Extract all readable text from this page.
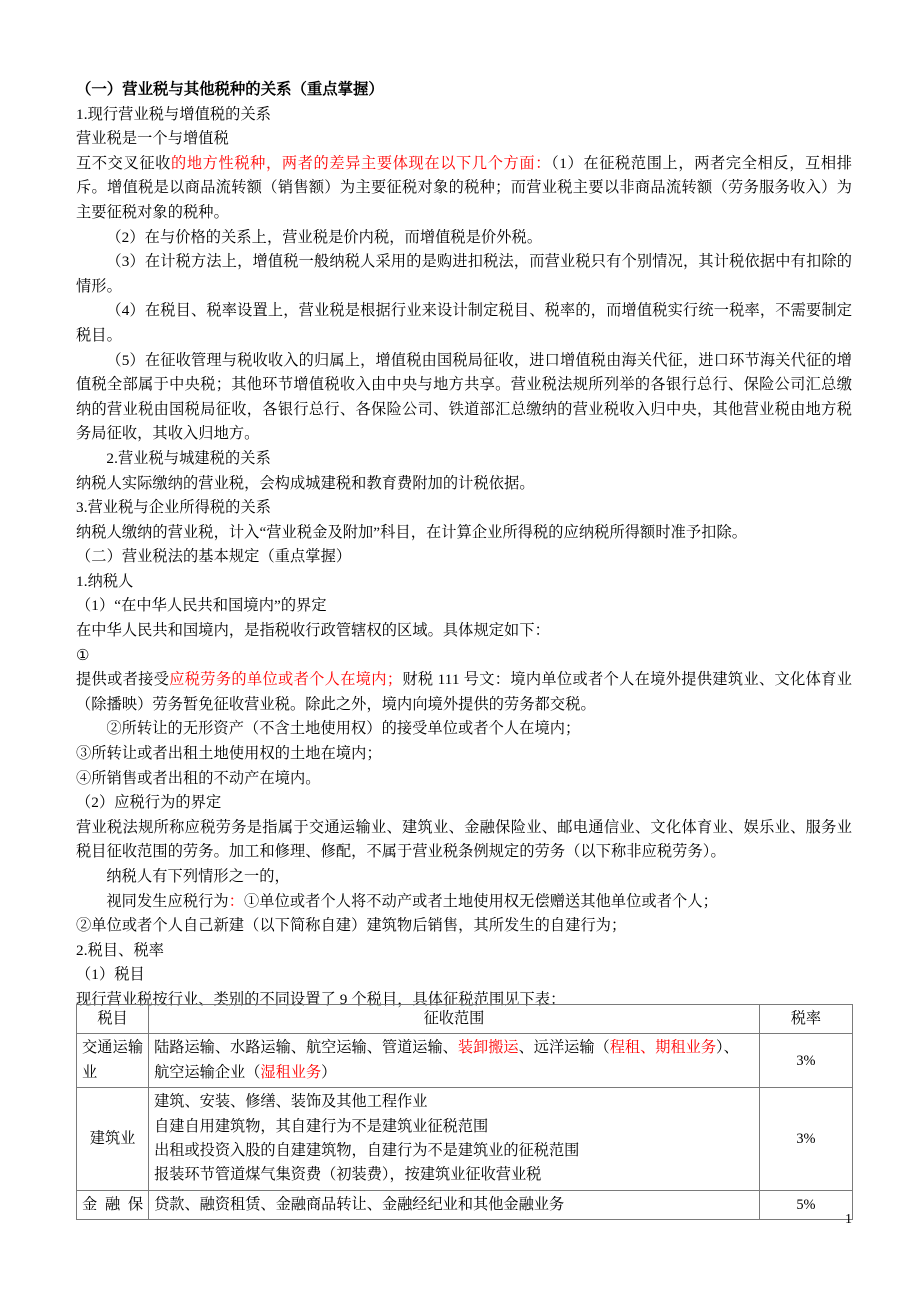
（一）营业税与其他税种的关系（重点掌握）

1.现行营业税与增值税的关系

营业税是一个与增值税

互不交叉征收的地方性税种，两者的差异主要体现在以下几个方面：（1）在征税范围上，两者完全相反，互相排斥。增值税是以商品流转额（销售额）为主要征税对象的税种；而营业税主要以非商品流转额（劳务服务收入）为主要征税对象的税种。

（2）在与价格的关系上，营业税是价内税，而增值税是价外税。

（3）在计税方法上，增值税一般纳税人采用的是购进扣税法，而营业税只有个别情况，其计税依据中有扣除的情形。

（4）在税目、税率设置上，营业税是根据行业来设计制定税目、税率的，而增值税实行统一税率，不需要制定税目。

（5）在征收管理与税收收入的归属上，增值税由国税局征收，进口增值税由海关代征，进口环节海关代征的增值税全部属于中央税；其他环节增值税收入由中央与地方共享。营业税法规所列举的各银行总行、保险公司汇总缴纳的营业税由国税局征收，各银行总行、各保险公司、铁道部汇总缴纳的营业税收入归中央，其他营业税由地方税务局征收，其收入归地方。

2.营业税与城建税的关系

纳税人实际缴纳的营业税，会构成城建税和教育费附加的计税依据。

3.营业税与企业所得税的关系

纳税人缴纳的营业税，计入“营业税金及附加”科目，在计算企业所得税的应纳税所得额时准予扣除。

（二）营业税法的基本规定（重点掌握）

1.纳税人

（1）“在中华人民共和国境内”的界定

在中华人民共和国境内，是指税收行政管辖权的区域。具体规定如下：

①

提供或者接受应税劳务的单位或者个人在境内；财税 111 号文：境内单位或者个人在境外提供建筑业、文化体育业（除播映）劳务暂免征收营业税。除此之外，境内向境外提供的劳务都交税。

②所转让的无形资产（不含土地使用权）的接受单位或者个人在境内；

③所转让或者出租土地使用权的土地在境内；

④所销售或者出租的不动产在境内。

（2）应税行为的界定

营业税法规所称应税劳务是指属于交通运输业、建筑业、金融保险业、邮电通信业、文化体育业、娱乐业、服务业税目征收范围的劳务。加工和修理、修配，不属于营业税条例规定的劳务（以下称非应税劳务）。

纳税人有下列情形之一的，

视同发生应税行为：①单位或者个人将不动产或者土地使用权无偿赠送其他单位或者个人；

②单位或者个人自己新建（以下简称自建）建筑物后销售，其所发生的自建行为；

2.税目、税率

（1）税目

现行营业税按行业、类别的不同设置了 9 个税目，具体征税范围见下表：

税目	征收范围	税率
交通运输业	陆路运输、水路运输、航空运输、管道运输、装卸搬运、远洋运输（程租、期租业务）、航空运输企业（湿租业务）	3%
建筑业	建筑、安装、修缮、装饰及其他工程作业
自建自用建筑物，其自建行为不是建筑业征税范围
出租或投资入股的自建建筑物，自建行为不是建筑业的征税范围
报装环节管道煤气集资费（初装费），按建筑业征收营业税	3%
金融保	贷款、融资租赁、金融商品转让、金融经纪业和其他金融业务	5%
1
